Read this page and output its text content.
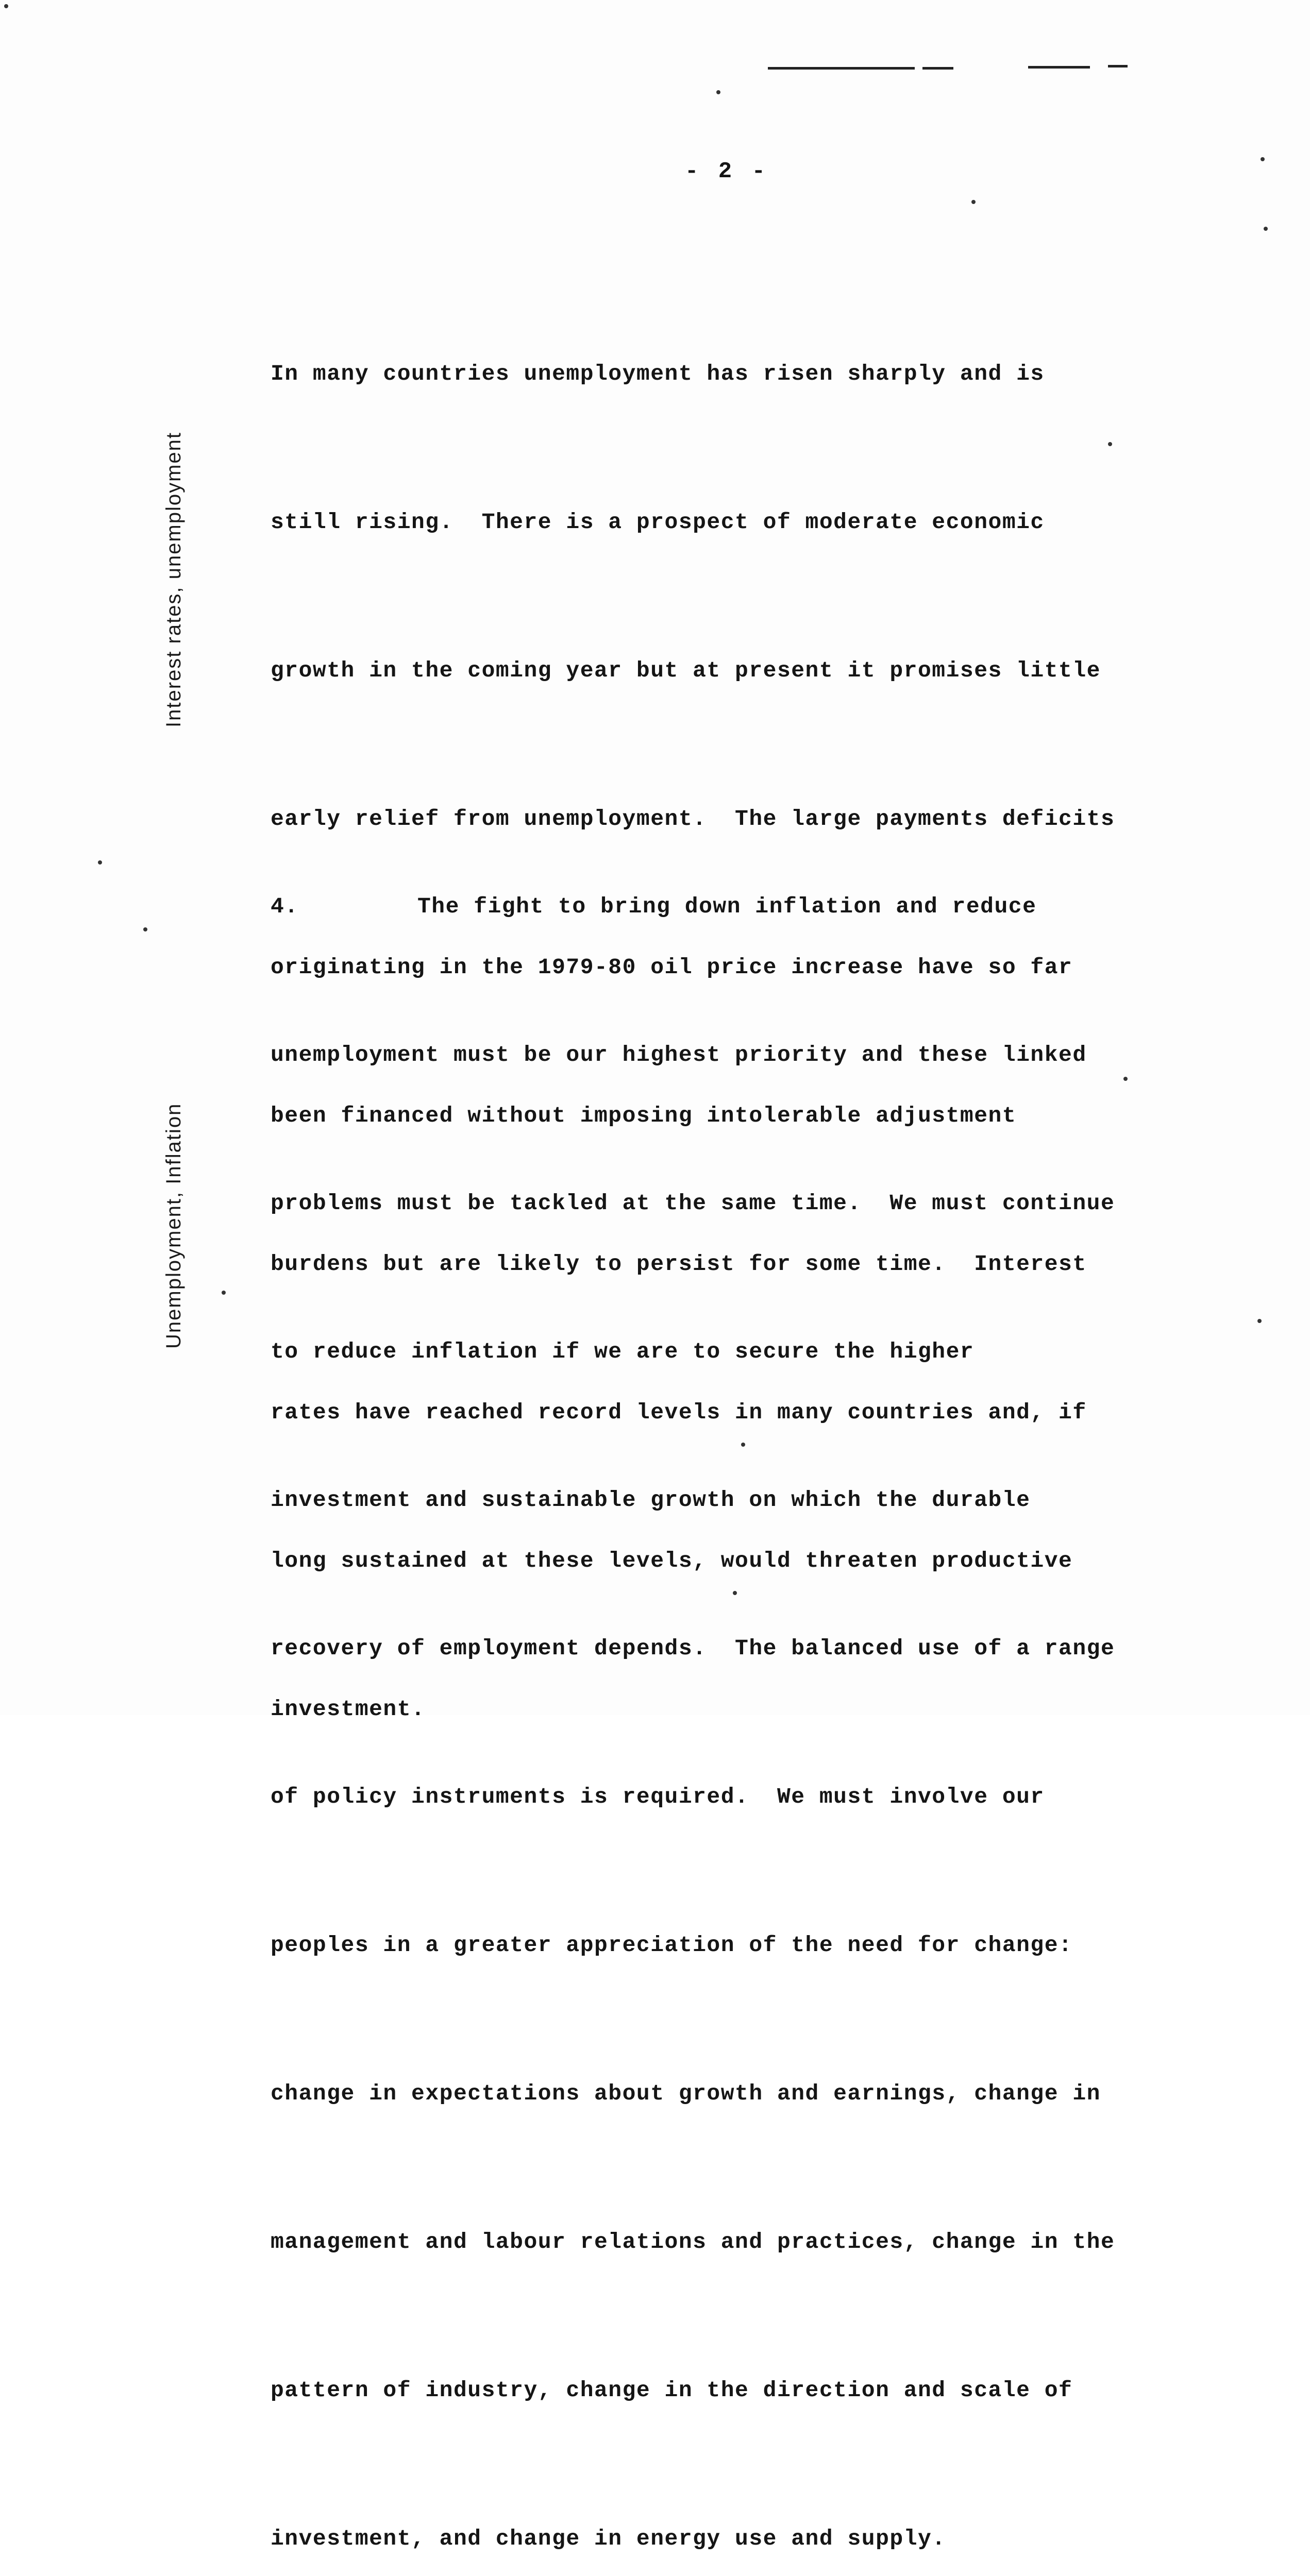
- 2 -
Interest rates, unemployment
Unemployment, Inflation

In many countries unemployment has risen sharply and is

still rising.  There is a prospect of moderate economic

growth in the coming year but at present it promises little

early relief from unemployment.  The large payments deficits

originating in the 1979-80 oil price increase have so far

been financed without imposing intolerable adjustment

burdens but are likely to persist for some time.  Interest

rates have reached record levels in many countries and, if

long sustained at these levels, would threaten productive

investment.

4.	The fight to bring down inflation and reduce

unemployment must be our highest priority and these linked

problems must be tackled at the same time.  We must continue

to reduce inflation if we are to secure the higher

investment and sustainable growth on which the durable

recovery of employment depends.  The balanced use of a range

of policy instruments is required.  We must involve our

peoples in a greater appreciation of the need for change:

change in expectations about growth and earnings, change in

management and labour relations and practices, change in the

pattern of industry, change in the direction and scale of

investment, and change in energy use and supply.
